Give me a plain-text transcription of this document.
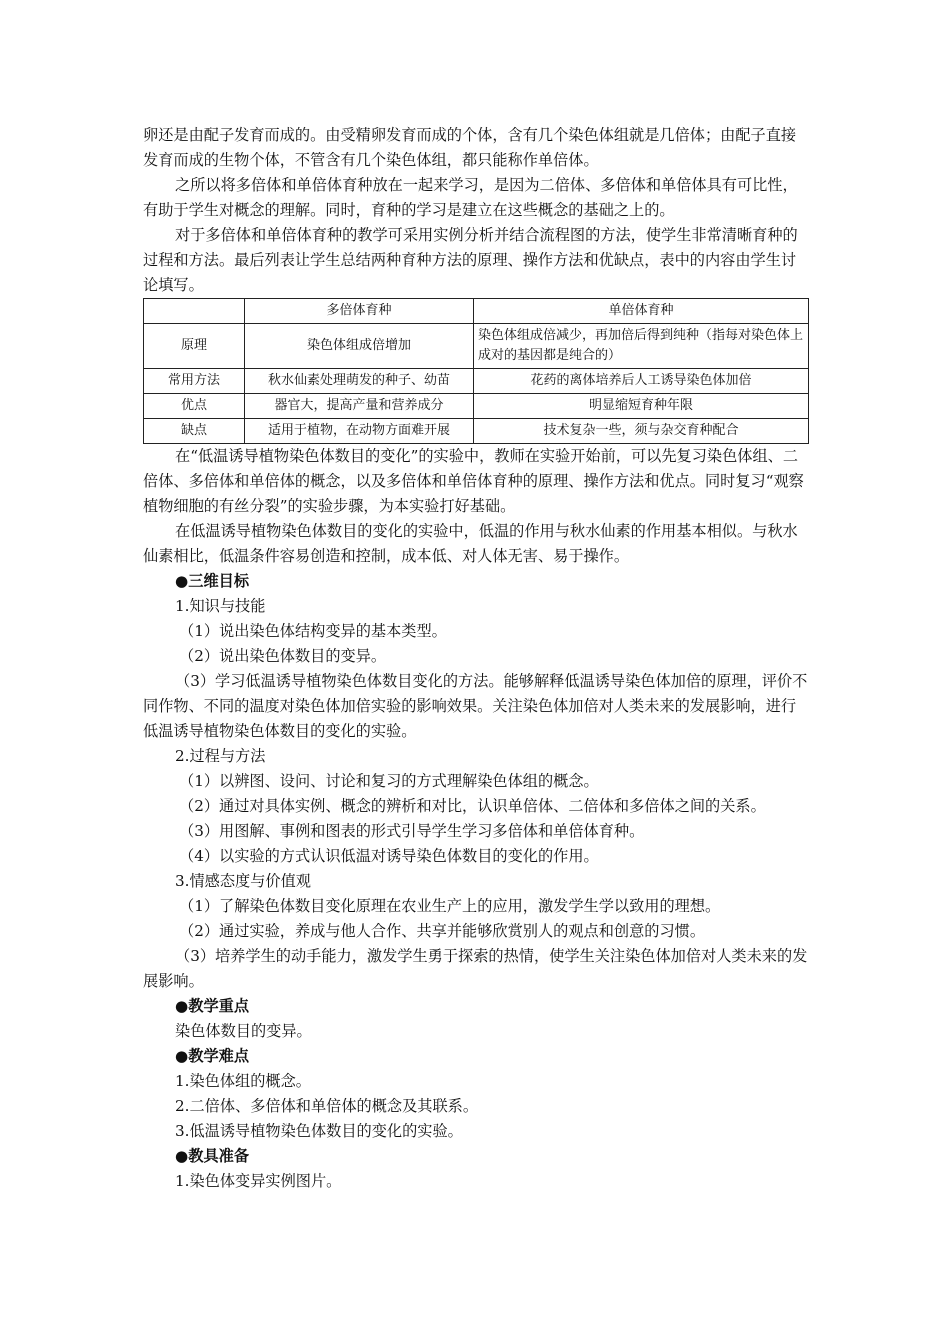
卵还是由配子发育而成的。由受精卵发育而成的个体，含有几个染色体组就是几倍体；由配子直接发育而成的生物个体，不管含有几个染色体组，都只能称作单倍体。

之所以将多倍体和单倍体育种放在一起来学习，是因为二倍体、多倍体和单倍体具有可比性，有助于学生对概念的理解。同时，育种的学习是建立在这些概念的基础之上的。

对于多倍体和单倍体育种的教学可采用实例分析并结合流程图的方法，使学生非常清晰育种的过程和方法。最后列表让学生总结两种育种方法的原理、操作方法和优缺点，表中的内容由学生讨论填写。

	多倍体育种	单倍体育种
原理	染色体组成倍增加	染色体组成倍减少，再加倍后得到纯种（指每对染色体上成对的基因都是纯合的）
常用方法	秋水仙素处理萌发的种子、幼苗	花药的离体培养后人工诱导染色体加倍
优点	器官大，提高产量和营养成分	明显缩短育种年限
缺点	适用于植物，在动物方面难开展	技术复杂一些，须与杂交育种配合

在“低温诱导植物染色体数目的变化”的实验中，教师在实验开始前，可以先复习染色体组、二倍体、多倍体和单倍体的概念，以及多倍体和单倍体育种的原理、操作方法和优点。同时复习“观察植物细胞的有丝分裂”的实验步骤，为本实验打好基础。

在低温诱导植物染色体数目的变化的实验中，低温的作用与秋水仙素的作用基本相似。与秋水仙素相比，低温条件容易创造和控制，成本低、对人体无害、易于操作。

●三维目标

1.知识与技能

（1）说出染色体结构变异的基本类型。

（2）说出染色体数目的变异。

（3）学习低温诱导植物染色体数目变化的方法。能够解释低温诱导染色体加倍的原理，评价不同作物、不同的温度对染色体加倍实验的影响效果。关注染色体加倍对人类未来的发展影响，进行低温诱导植物染色体数目的变化的实验。

2.过程与方法

（1）以辨图、设问、讨论和复习的方式理解染色体组的概念。

（2）通过对具体实例、概念的辨析和对比，认识单倍体、二倍体和多倍体之间的关系。

（3）用图解、事例和图表的形式引导学生学习多倍体和单倍体育种。

（4）以实验的方式认识低温对诱导染色体数目的变化的作用。

3.情感态度与价值观

（1）了解染色体数目变化原理在农业生产上的应用，激发学生学以致用的理想。

（2）通过实验，养成与他人合作、共享并能够欣赏别人的观点和创意的习惯。

（3）培养学生的动手能力，激发学生勇于探索的热情，使学生关注染色体加倍对人类未来的发展影响。

●教学重点

染色体数目的变异。

●教学难点

1.染色体组的概念。

2.二倍体、多倍体和单倍体的概念及其联系。

3.低温诱导植物染色体数目的变化的实验。

●教具准备

1.染色体变异实例图片。
